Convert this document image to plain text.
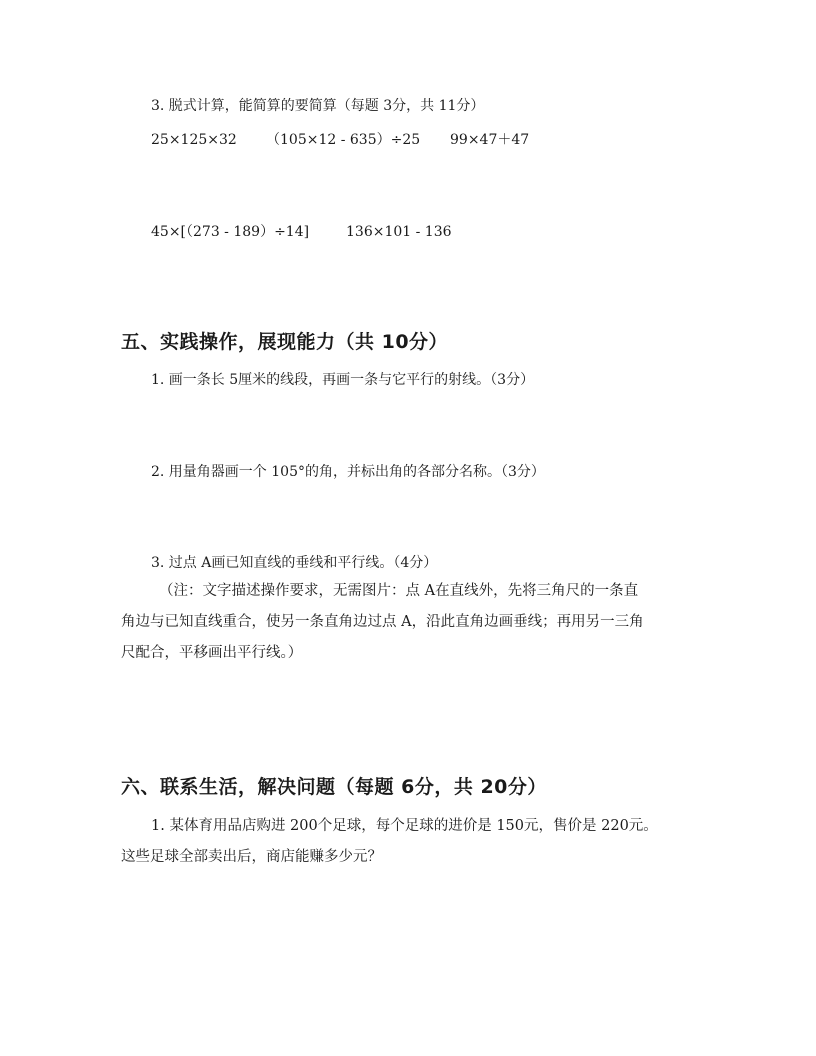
3. 脱式计算，能简算的要简算（每题 3分，共 11分）
25×125×32 （105×12 - 635）÷25 99×47＋47
45×[（273 - 189）÷14]	136×101 - 136
五、实践操作，展现能力（共 10分）
1. 画一条长 5厘米的线段，再画一条与它平行的射线。（3分）
2. 用量角器画一个 105°的角，并标出角的各部分名称。（3分）
3. 过点 A画已知直线的垂线和平行线。（4分）
（注：文字描述操作要求，无需图片：点 A在直线外，先将三角尺的一条直
角边与已知直线重合，使另一条直角边过点 A，沿此直角边画垂线；再用另一三角
尺配合，平移画出平行线。）
六、联系生活，解决问题（每题 6分，共 20分）
1. 某体育用品店购进 200个足球，每个足球的进价是 150元，售价是 220元。
这些足球全部卖出后，商店能赚多少元？
